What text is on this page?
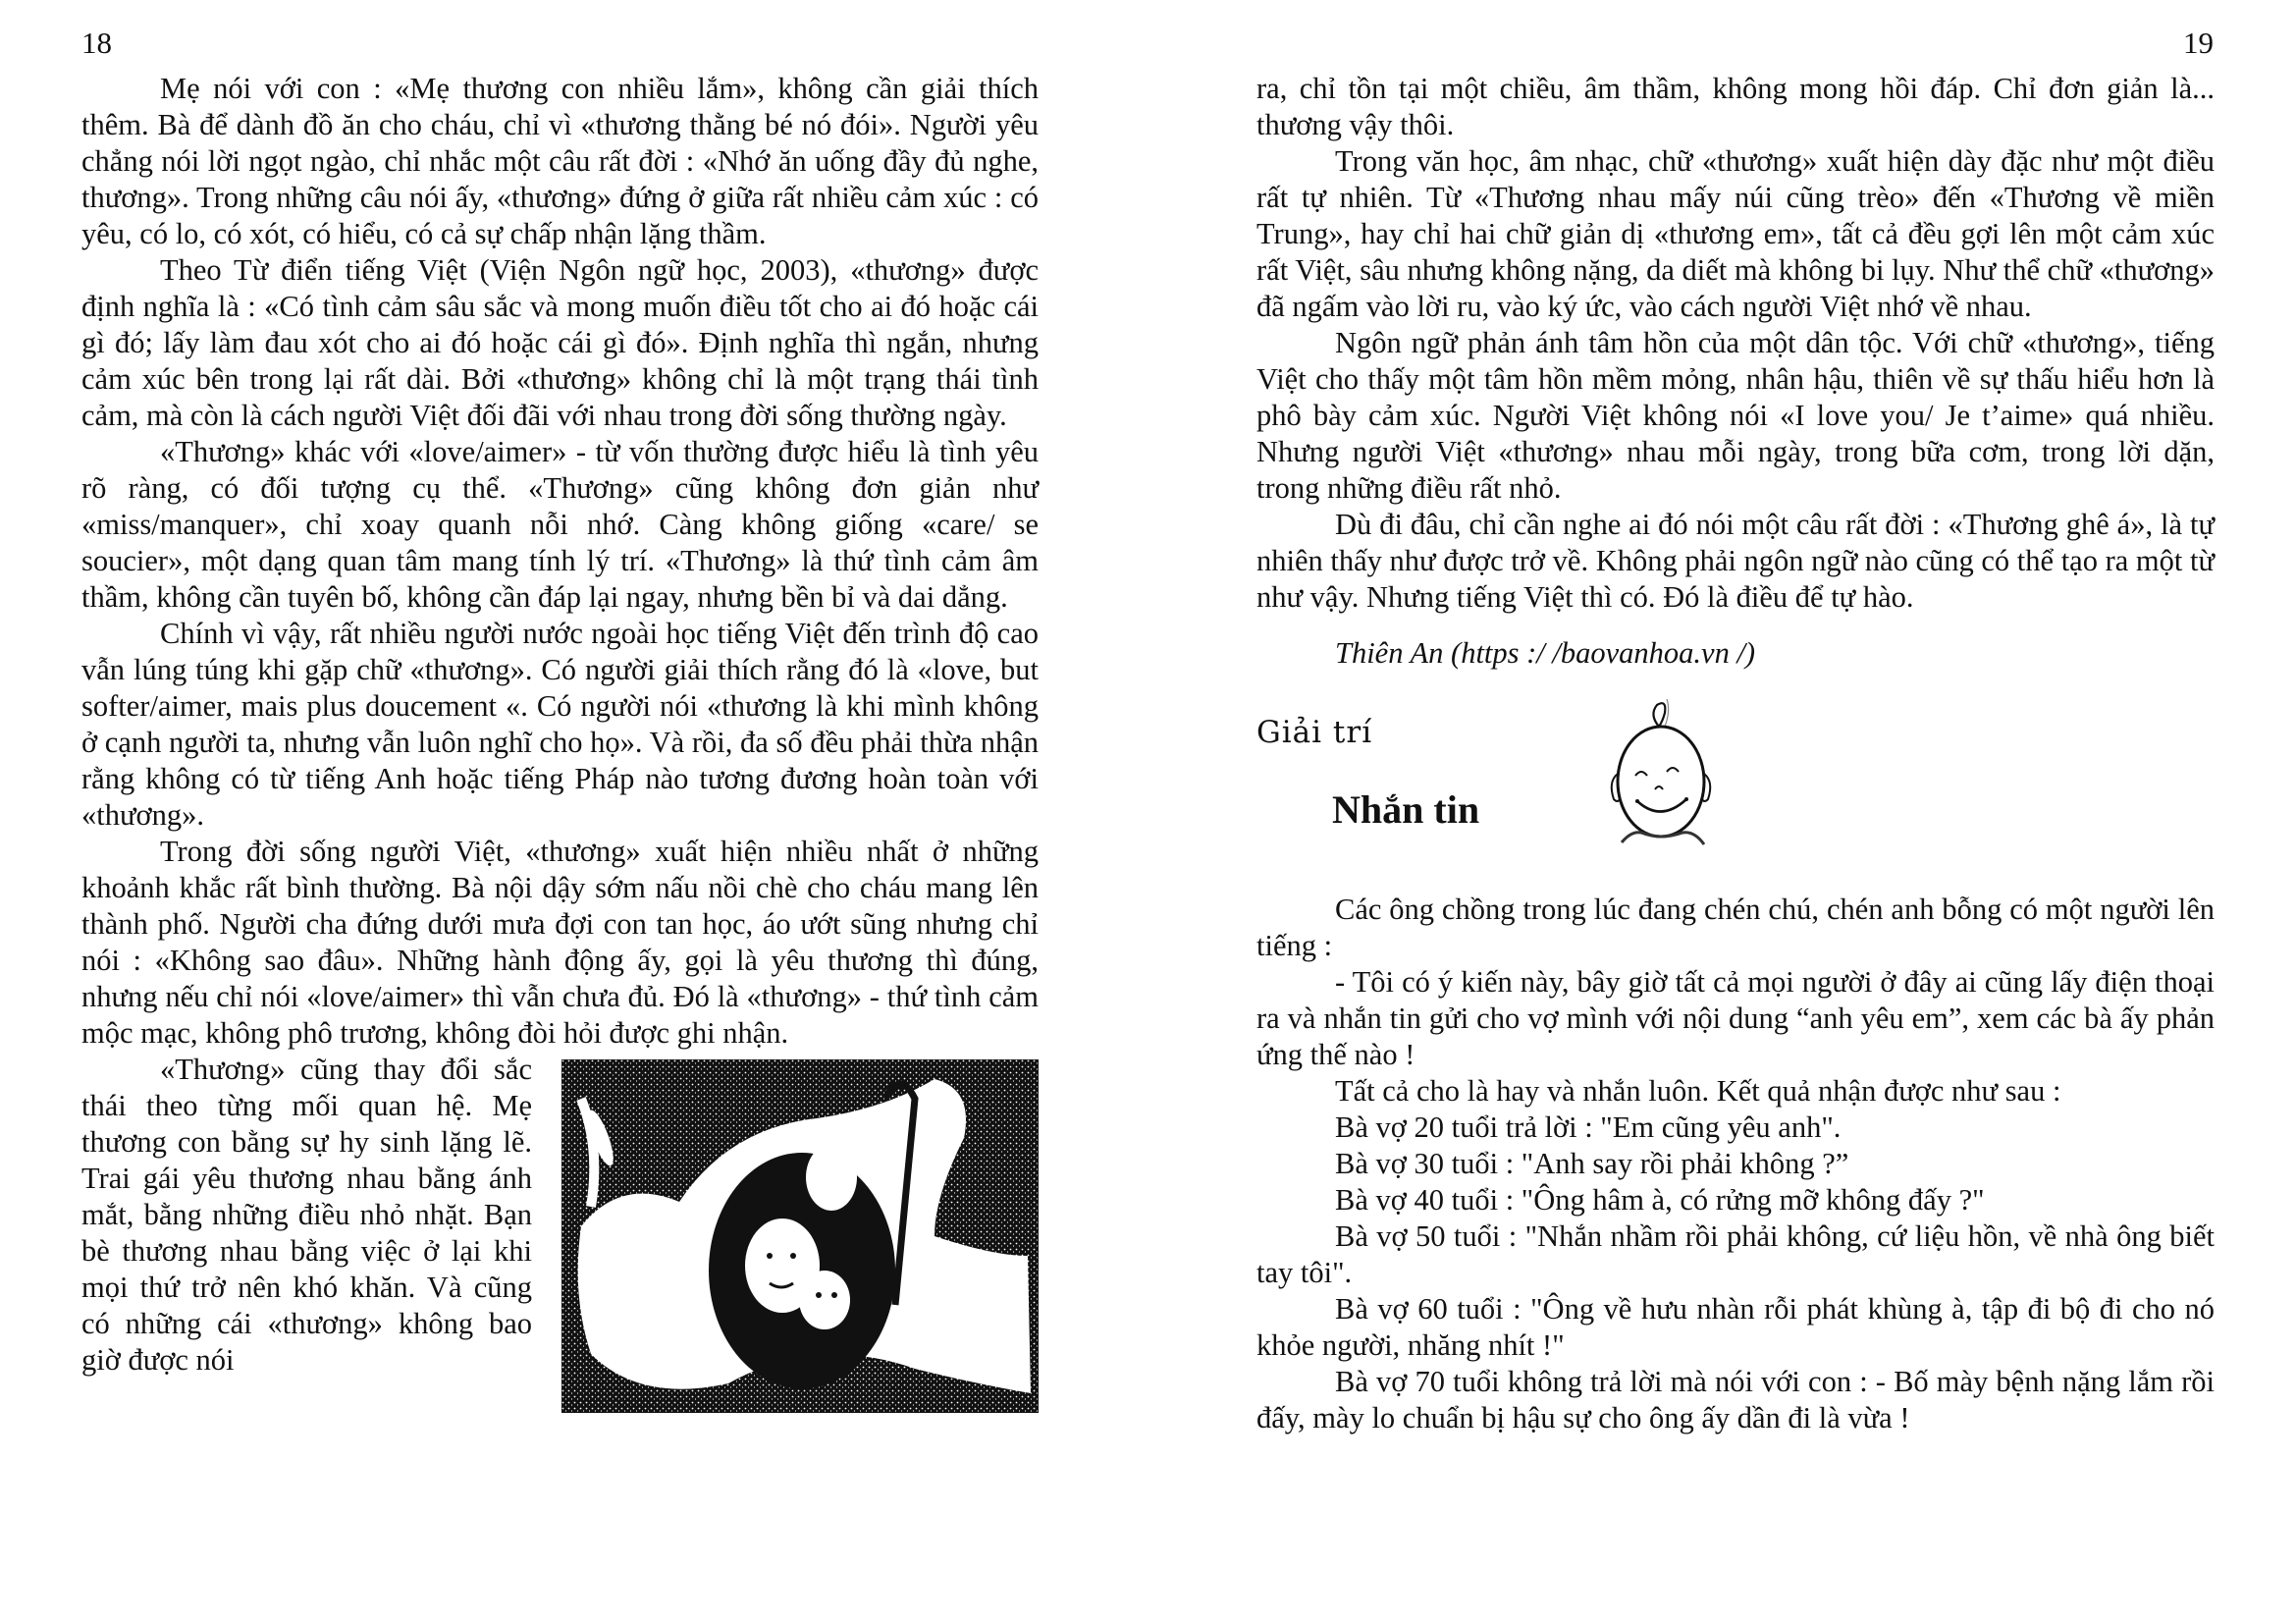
18

Mẹ nói với con : «Mẹ thương con nhiều lắm», không cần giải thích thêm. Bà để dành đồ ăn cho cháu, chỉ vì «thương thằng bé nó đói». Người yêu chẳng nói lời ngọt ngào, chỉ nhắc một câu rất đời : «Nhớ ăn uống đầy đủ nghe, thương». Trong những câu nói ấy, «thương» đứng ở giữa rất nhiều cảm xúc : có yêu, có lo, có xót, có hiểu, có cả sự chấp nhận lặng thầm.

Theo Từ điển tiếng Việt (Viện Ngôn ngữ học, 2003), «thương» được định nghĩa là : «Có tình cảm sâu sắc và mong muốn điều tốt cho ai đó hoặc cái gì đó; lấy làm đau xót cho ai đó hoặc cái gì đó». Định nghĩa thì ngắn, nhưng cảm xúc bên trong lại rất dài. Bởi «thương» không chỉ là một trạng thái tình cảm, mà còn là cách người Việt đối đãi với nhau trong đời sống thường ngày.

«Thương» khác với «love/aimer» - từ vốn thường được hiểu là tình yêu rõ ràng, có đối tượng cụ thể. «Thương» cũng không đơn giản như «miss/manquer», chỉ xoay quanh nỗi nhớ. Càng không giống «care/ se soucier», một dạng quan tâm mang tính lý trí. «Thương» là thứ tình cảm âm thầm, không cần tuyên bố, không cần đáp lại ngay, nhưng bền bỉ và dai dẳng.

Chính vì vậy, rất nhiều người nước ngoài học tiếng Việt đến trình độ cao vẫn lúng túng khi gặp chữ «thương». Có người giải thích rằng đó là «love, but softer/aimer, mais plus doucement «. Có người nói «thương là khi mình không ở cạnh người ta, nhưng vẫn luôn nghĩ cho họ». Và rồi, đa số đều phải thừa nhận rằng không có từ tiếng Anh hoặc tiếng Pháp nào tương đương hoàn toàn với «thương».

Trong đời sống người Việt, «thương» xuất hiện nhiều nhất ở những khoảnh khắc rất bình thường. Bà nội dậy sớm nấu nồi chè cho cháu mang lên thành phố. Người cha đứng dưới mưa đợi con tan học, áo ướt sũng nhưng chỉ nói : «Không sao đâu». Những hành động ấy, gọi là yêu thương thì đúng, nhưng nếu chỉ nói «love/aimer» thì vẫn chưa đủ. Đó là «thương» - thứ tình cảm mộc mạc, không phô trương, không đòi hỏi được ghi nhận.

«Thương» cũng thay đổi sắc thái theo từng mối quan hệ. Mẹ thương con bằng sự hy sinh lặng lẽ. Trai gái yêu thương nhau bằng ánh mắt, bằng những điều nhỏ nhặt. Bạn bè thương nhau bằng việc ở lại khi mọi thứ trở nên khó khăn. Và cũng có những cái «thương» không bao giờ được nói

19

ra, chỉ tồn tại một chiều, âm thầm, không mong hồi đáp. Chỉ đơn giản là... thương vậy thôi.

Trong văn học, âm nhạc, chữ «thương» xuất hiện dày đặc như một điều rất tự nhiên. Từ «Thương nhau mấy núi cũng trèo» đến «Thương về miền Trung», hay chỉ hai chữ giản dị «thương em», tất cả đều gợi lên một cảm xúc rất Việt, sâu nhưng không nặng, da diết mà không bi lụy. Như thể chữ «thương» đã ngấm vào lời ru, vào ký ức, vào cách người Việt nhớ về nhau.

Ngôn ngữ phản ánh tâm hồn của một dân tộc. Với chữ «thương», tiếng Việt cho thấy một tâm hồn mềm mỏng, nhân hậu, thiên về sự thấu hiểu hơn là phô bày cảm xúc. Người Việt không nói «I love you/ Je t’aime» quá nhiều. Nhưng người Việt «thương» nhau mỗi ngày, trong bữa cơm, trong lời dặn, trong những điều rất nhỏ.

Dù đi đâu, chỉ cần nghe ai đó nói một câu rất đời : «Thương ghê á», là tự nhiên thấy như được trở về. Không phải ngôn ngữ nào cũng có thể tạo ra một từ như vậy. Nhưng tiếng Việt thì có. Đó là điều để tự hào.

Thiên An (https :/ /baovanhoa.vn /)

Giải trí
Nhắn tin

Các ông chồng trong lúc đang chén chú, chén anh bỗng có một người lên tiếng :

- Tôi có ý kiến này, bây giờ tất cả mọi người ở đây ai cũng lấy điện thoại ra và nhắn tin gửi cho vợ mình với nội dung “anh yêu em”, xem các bà ấy phản ứng thế nào !

Tất cả cho là hay và nhắn luôn. Kết quả nhận được như sau :

Bà vợ 20 tuổi trả lời : "Em cũng yêu anh".

Bà vợ 30 tuổi : "Anh say rồi phải không ?”

Bà vợ 40 tuổi : "Ông hâm à, có rửng mỡ không đấy ?"

Bà vợ 50 tuổi : "Nhắn nhầm rồi phải không, cứ liệu hồn, về nhà ông biết tay tôi".

Bà vợ 60 tuổi : "Ông về hưu nhàn rỗi phát khùng à, tập đi bộ đi cho nó khỏe người, nhăng nhít !"

Bà vợ 70 tuổi không trả lời mà nói với con : - Bố mày bệnh nặng lắm rồi đấy, mày lo chuẩn bị hậu sự cho ông ấy dần đi là vừa !
